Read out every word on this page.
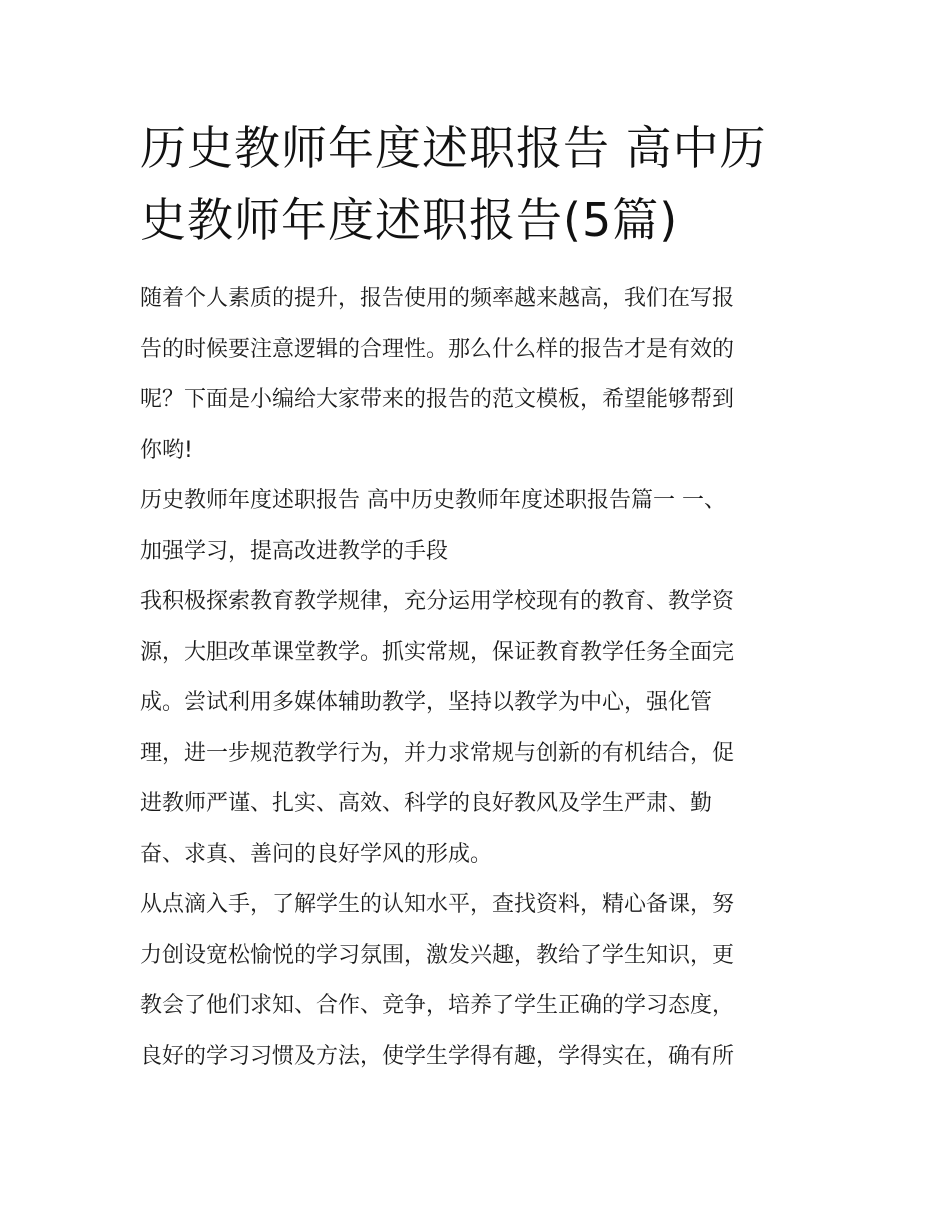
历史教师年度述职报告 高中历
史教师年度述职报告(5篇)

随着个人素质的提升，报告使用的频率越来越高，我们在写报
告的时候要注意逻辑的合理性。那么什么样的报告才是有效的
呢？下面是小编给大家带来的报告的范文模板，希望能够帮到
你哟!

历史教师年度述职报告 高中历史教师年度述职报告篇一 一、
加强学习，提高改进教学的手段

我积极探索教育教学规律，充分运用学校现有的教育、教学资
源，大胆改革课堂教学。抓实常规，保证教育教学任务全面完
成。尝试利用多媒体辅助教学，坚持以教学为中心，强化管
理，进一步规范教学行为，并力求常规与创新的有机结合，促
进教师严谨、扎实、高效、科学的良好教风及学生严肃、勤
奋、求真、善问的良好学风的形成。

从点滴入手，了解学生的认知水平，查找资料，精心备课，努
力创设宽松愉悦的学习氛围，激发兴趣，教给了学生知识，更
教会了他们求知、合作、竞争，培养了学生正确的学习态度，
良好的学习习惯及方法，使学生学得有趣，学得实在，确有所
